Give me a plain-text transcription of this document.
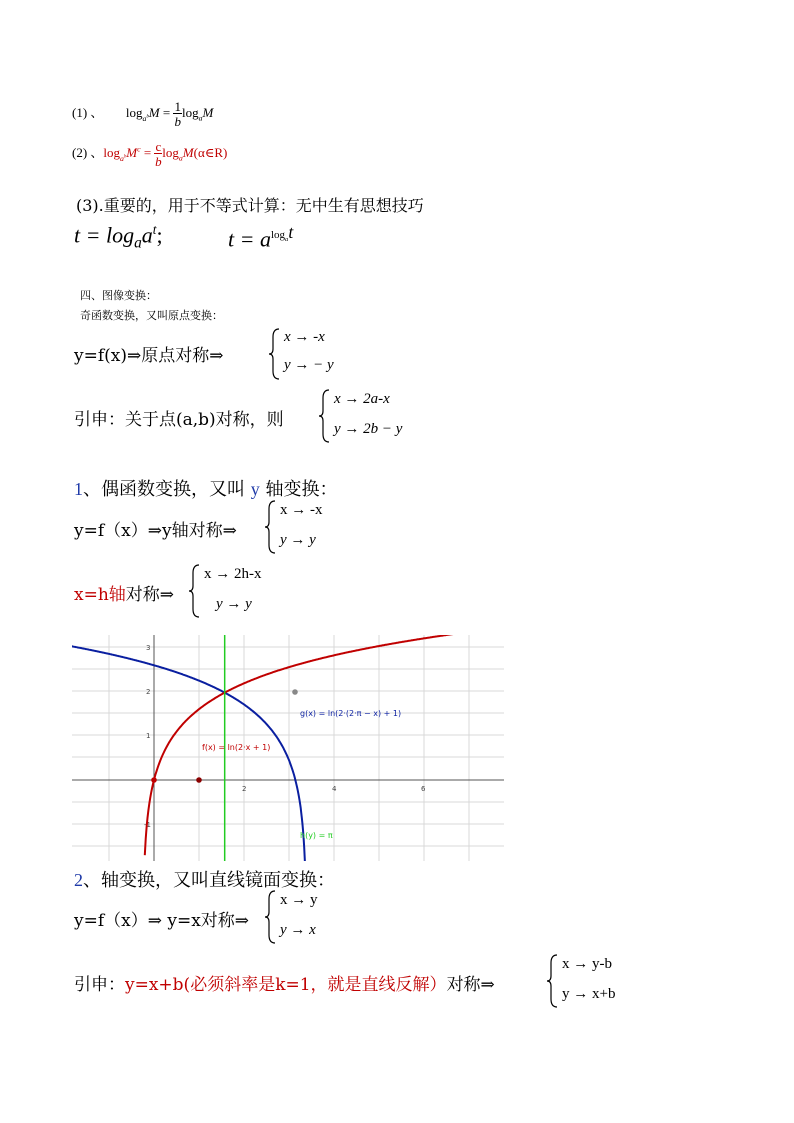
(1) 、 $\log_{a^b}M = \frac{1}{b} \log_aM$
(2) 、$\log_{a^b}M^c = \frac{c}{b}$ $\log_aM(\alpha\in R)$
(3).重要的，用于不等式计算：无中生有思想技巧
$t = \log_aa^t$;	$t = a^{log_at}$
四、图像变换：
奇函数变换，又叫原点变换：
y=f(x)⇒原点对称⇒
x → -x
y → − y
引申：关于点(a,b)对称，则
x → 2a-x
y → 2b − y
1、偶函数变换，又叫 y 轴变换：
y=f（x）⇒y轴对称⇒
x → -x
y → y
x=h轴对称⇒
x → 2h-x
y → y
2	4	6
3
2
1
-1
g(x) = ln(2·(2·π − x) + 1)
f(x) = ln(2·x + 1)
h(y) = π
2、轴变换，又叫直线镜面变换：
y=f（x）⇒ y=x对称⇒
x → y
y → x
引申：y=x+b(必须斜率是k=1，就是直线反解）对称⇒
x → y-b
y → x+b
